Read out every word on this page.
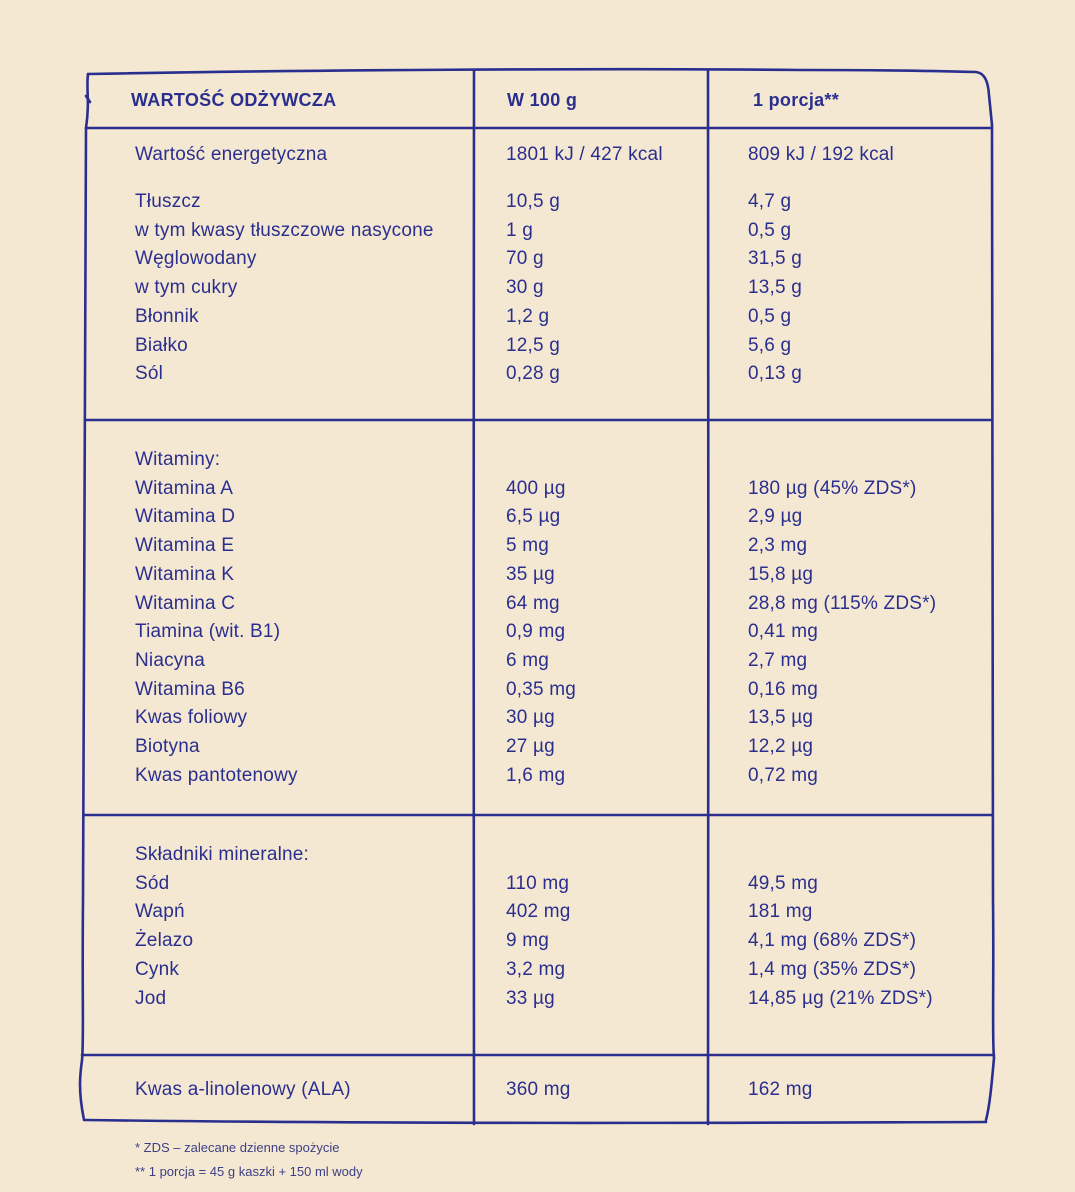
WARTOŚĆ ODŻYWCZA	W 100 g	1 porcja**
Wartość energetyczna	1801 kJ / 427 kcal	809 kJ / 192 kcal
Tłuszcz	10,5 g	4,7 g
w tym kwasy tłuszczowe nasycone	1 g	0,5 g
Węglowodany	70 g	31,5 g
w tym cukry	30 g	13,5 g
Błonnik	1,2 g	0,5 g
Białko	12,5 g	5,6 g
Sól	0,28 g	0,13 g
Witaminy:
Witamina A	400 µg	180 µg (45% ZDS*)
Witamina D	6,5 µg	2,9 µg
Witamina E	5 mg	2,3 mg
Witamina K	35 µg	15,8 µg
Witamina C	64 mg	28,8 mg (115% ZDS*)
Tiamina (wit. B1)	0,9 mg	0,41 mg
Niacyna	6 mg	2,7 mg
Witamina B6	0,35 mg	0,16 mg
Kwas foliowy	30 µg	13,5 µg
Biotyna	27 µg	12,2 µg
Kwas pantotenowy	1,6 mg	0,72 mg
Składniki mineralne:
Sód	110 mg	49,5 mg
Wapń	402 mg	181 mg
Żelazo	9 mg	4,1 mg (68% ZDS*)
Cynk	3,2 mg	1,4 mg (35% ZDS*)
Jod	33 µg	14,85 µg (21% ZDS*)
Kwas a-linolenowy (ALA)	360 mg	162 mg
* ZDS – zalecane dzienne spożycie
** 1 porcja = 45 g kaszki + 150 ml wody
